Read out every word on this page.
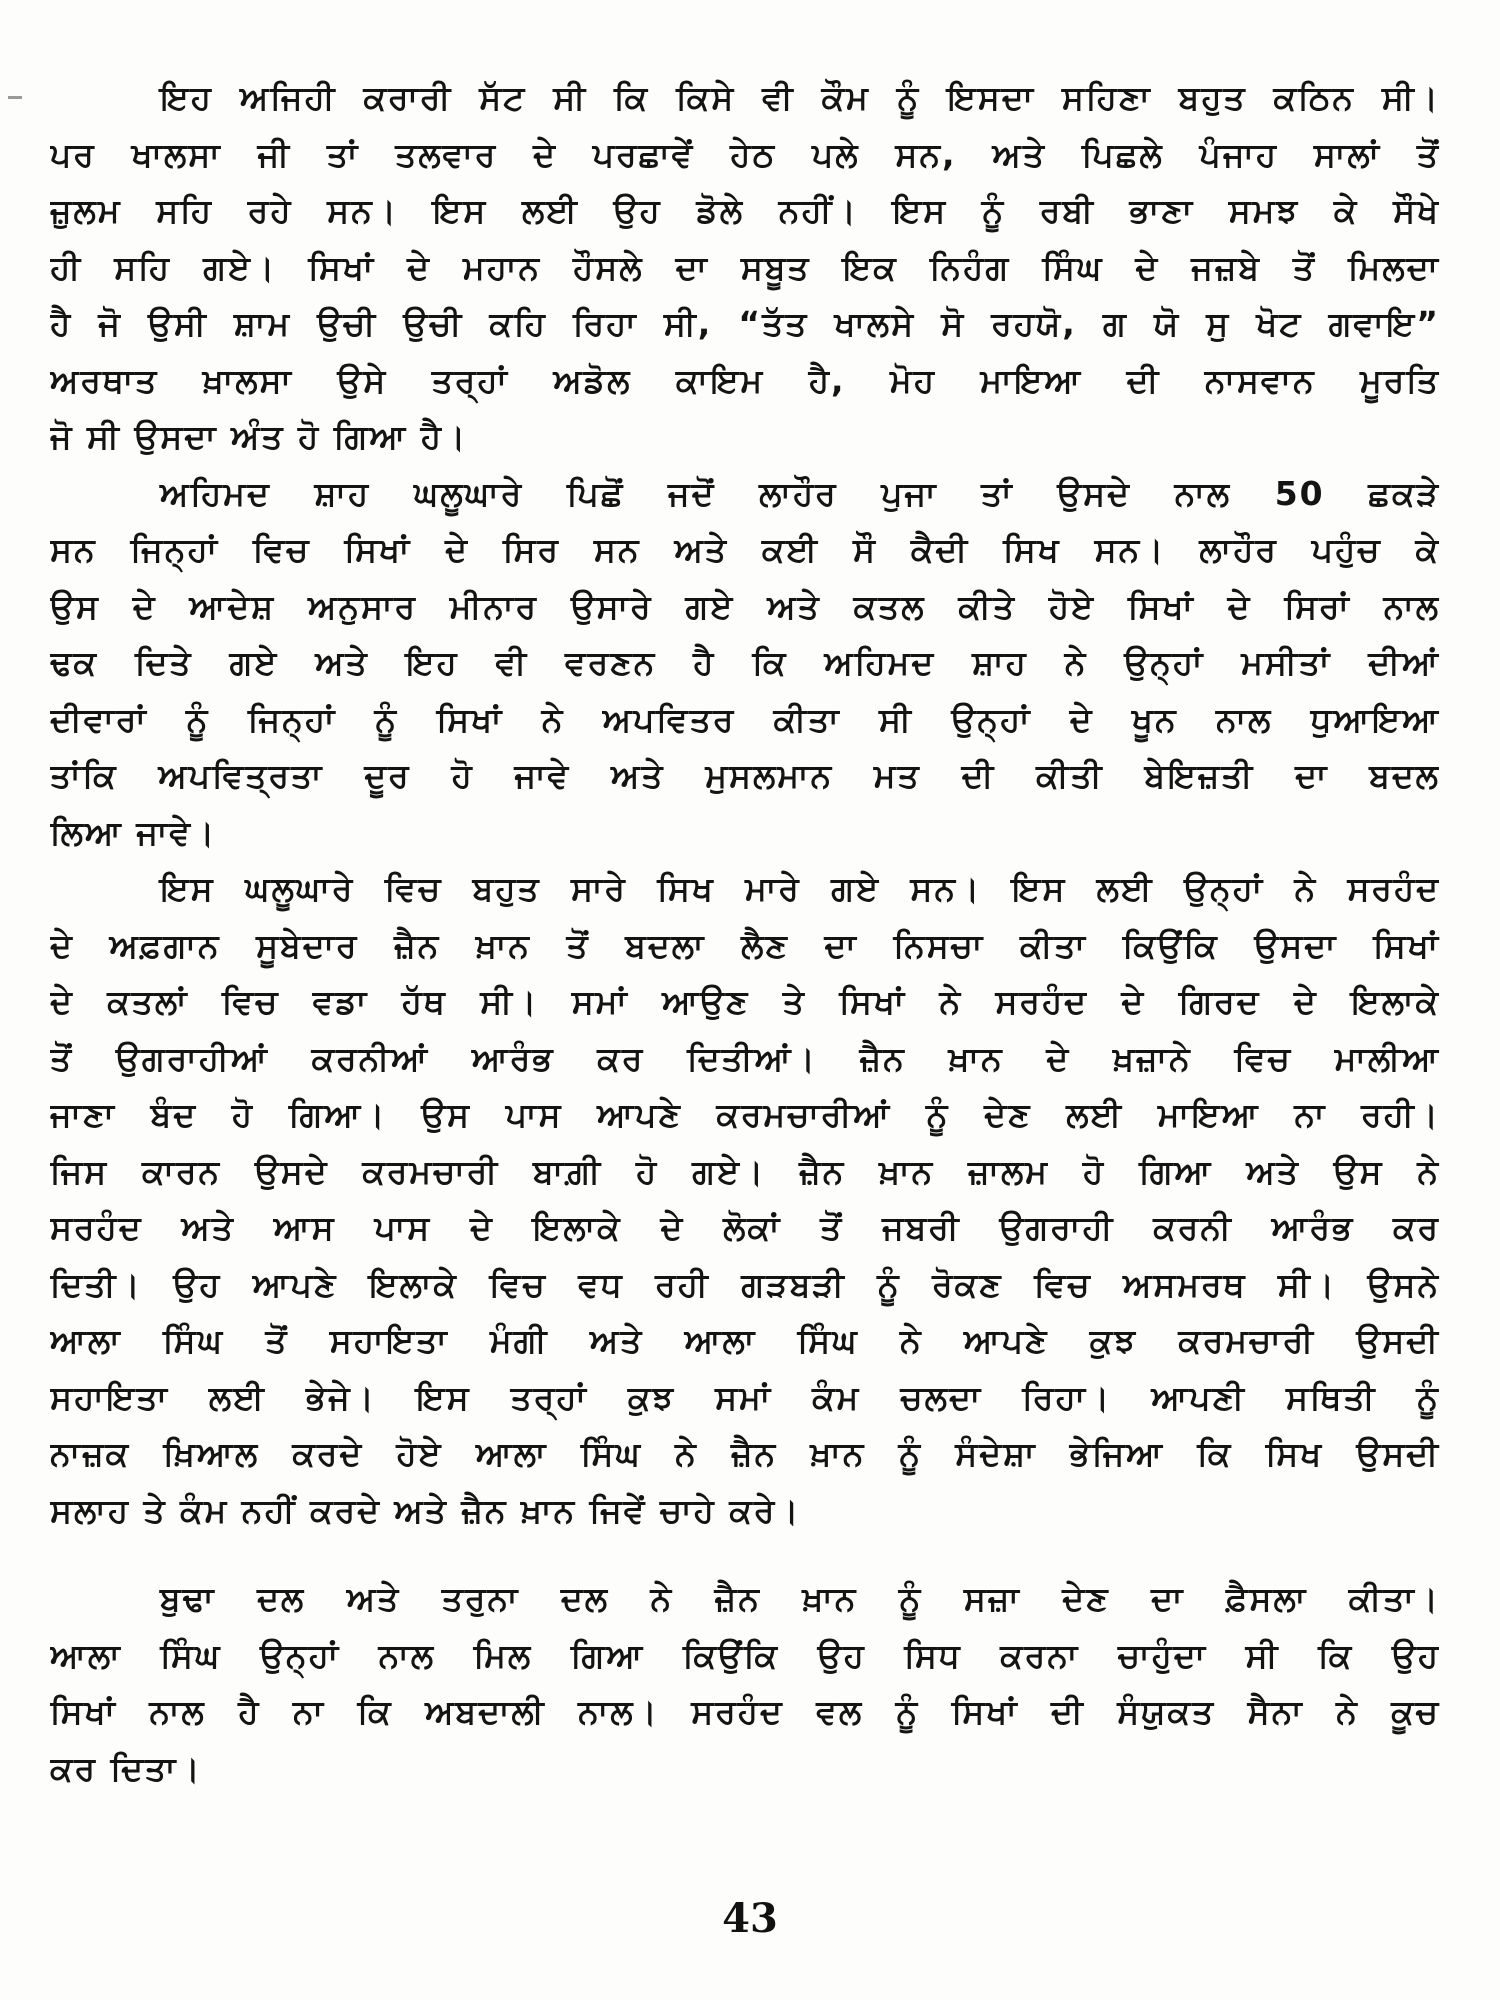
ਇਹ ਅਜਿਹੀ ਕਰਾਰੀ ਸੱਟ ਸੀ ਕਿ ਕਿਸੇ ਵੀ ਕੌਮ ਨੂੰ ਇਸਦਾ ਸਹਿਣਾ ਬਹੁਤ ਕਠਿਨ ਸੀ।
ਪਰ ਖਾਲਸਾ ਜੀ ਤਾਂ ਤਲਵਾਰ ਦੇ ਪਰਛਾਵੇਂ ਹੇਠ ਪਲੇ ਸਨ, ਅਤੇ ਪਿਛਲੇ ਪੰਜਾਹ ਸਾਲਾਂ ਤੋਂ
ਜ਼ੁਲਮ ਸਹਿ ਰਹੇ ਸਨ। ਇਸ ਲਈ ਉਹ ਡੋਲੇ ਨਹੀਂ। ਇਸ ਨੂੰ ਰਬੀ ਭਾਣਾ ਸਮਝ ਕੇ ਸੌਖੇ
ਹੀ ਸਹਿ ਗਏ। ਸਿਖਾਂ ਦੇ ਮਹਾਨ ਹੌਸਲੇ ਦਾ ਸਬੂਤ ਇਕ ਨਿਹੰਗ ਸਿੰਘ ਦੇ ਜਜ਼ਬੇ ਤੋਂ ਮਿਲਦਾ
ਹੈ ਜੋ ਉਸੀ ਸ਼ਾਮ ਉਚੀ ਉਚੀ ਕਹਿ ਰਿਹਾ ਸੀ, “ਤੱਤ ਖਾਲਸੇ ਸੋ ਰਹਯੋ, ਗ ਯੋ ਸੁ ਖੋਟ ਗਵਾਇ”
ਅਰਥਾਤ ਖ਼ਾਲਸਾ ਉਸੇ ਤਰ੍ਹਾਂ ਅਡੋਲ ਕਾਇਮ ਹੈ, ਮੋਹ ਮਾਇਆ ਦੀ ਨਾਸਵਾਨ ਮੂਰਤਿ
ਜੋ ਸੀ ਉਸਦਾ ਅੰਤ ਹੋ ਗਿਆ ਹੈ।
ਅਹਿਮਦ ਸ਼ਾਹ ਘਲੂਘਾਰੇ ਪਿਛੋਂ ਜਦੋਂ ਲਾਹੌਰ ਪੁਜਾ ਤਾਂ ਉਸਦੇ ਨਾਲ 50 ਛਕੜੇ
ਸਨ ਜਿਨ੍ਹਾਂ ਵਿਚ ਸਿਖਾਂ ਦੇ ਸਿਰ ਸਨ ਅਤੇ ਕਈ ਸੌ ਕੈਦੀ ਸਿਖ ਸਨ। ਲਾਹੌਰ ਪਹੁੰਚ ਕੇ
ਉਸ ਦੇ ਆਦੇਸ਼ ਅਨੁਸਾਰ ਮੀਨਾਰ ਉਸਾਰੇ ਗਏ ਅਤੇ ਕਤਲ ਕੀਤੇ ਹੋਏ ਸਿਖਾਂ ਦੇ ਸਿਰਾਂ ਨਾਲ
ਢਕ ਦਿਤੇ ਗਏ ਅਤੇ ਇਹ ਵੀ ਵਰਣਨ ਹੈ ਕਿ ਅਹਿਮਦ ਸ਼ਾਹ ਨੇ ਉਨ੍ਹਾਂ ਮਸੀਤਾਂ ਦੀਆਂ
ਦੀਵਾਰਾਂ ਨੂੰ ਜਿਨ੍ਹਾਂ ਨੂੰ ਸਿਖਾਂ ਨੇ ਅਪਵਿਤਰ ਕੀਤਾ ਸੀ ਉਨ੍ਹਾਂ ਦੇ ਖੂਨ ਨਾਲ ਧੁਆਇਆ
ਤਾਂਕਿ ਅਪਵਿਤ੍ਰਤਾ ਦੂਰ ਹੋ ਜਾਵੇ ਅਤੇ ਮੁਸਲਮਾਨ ਮਤ ਦੀ ਕੀਤੀ ਬੇਇਜ਼ਤੀ ਦਾ ਬਦਲ
ਲਿਆ ਜਾਵੇ।
ਇਸ ਘਲੂਘਾਰੇ ਵਿਚ ਬਹੁਤ ਸਾਰੇ ਸਿਖ ਮਾਰੇ ਗਏ ਸਨ। ਇਸ ਲਈ ਉਨ੍ਹਾਂ ਨੇ ਸਰਹੰਦ
ਦੇ ਅਫ਼ਗਾਨ ਸੂਬੇਦਾਰ ਜ਼ੈਨ ਖ਼ਾਨ ਤੋਂ ਬਦਲਾ ਲੈਣ ਦਾ ਨਿਸਚਾ ਕੀਤਾ ਕਿਉਂਕਿ ਉਸਦਾ ਸਿਖਾਂ
ਦੇ ਕਤਲਾਂ ਵਿਚ ਵਡਾ ਹੱਥ ਸੀ। ਸਮਾਂ ਆਉਣ ਤੇ ਸਿਖਾਂ ਨੇ ਸਰਹੰਦ ਦੇ ਗਿਰਦ ਦੇ ਇਲਾਕੇ
ਤੋਂ ਉਗਰਾਹੀਆਂ ਕਰਨੀਆਂ ਆਰੰਭ ਕਰ ਦਿਤੀਆਂ। ਜ਼ੈਨ ਖ਼ਾਨ ਦੇ ਖ਼ਜ਼ਾਨੇ ਵਿਚ ਮਾਲੀਆ
ਜਾਣਾ ਬੰਦ ਹੋ ਗਿਆ। ਉਸ ਪਾਸ ਆਪਣੇ ਕਰਮਚਾਰੀਆਂ ਨੂੰ ਦੇਣ ਲਈ ਮਾਇਆ ਨਾ ਰਹੀ।
ਜਿਸ ਕਾਰਨ ਉਸਦੇ ਕਰਮਚਾਰੀ ਬਾਗ਼ੀ ਹੋ ਗਏ। ਜ਼ੈਨ ਖ਼ਾਨ ਜ਼ਾਲਮ ਹੋ ਗਿਆ ਅਤੇ ਉਸ ਨੇ
ਸਰਹੰਦ ਅਤੇ ਆਸ ਪਾਸ ਦੇ ਇਲਾਕੇ ਦੇ ਲੋਕਾਂ ਤੋਂ ਜਬਰੀ ਉਗਰਾਹੀ ਕਰਨੀ ਆਰੰਭ ਕਰ
ਦਿਤੀ। ਉਹ ਆਪਣੇ ਇਲਾਕੇ ਵਿਚ ਵਧ ਰਹੀ ਗੜਬੜੀ ਨੂੰ ਰੋਕਣ ਵਿਚ ਅਸਮਰਥ ਸੀ। ਉਸਨੇ
ਆਲਾ ਸਿੰਘ ਤੋਂ ਸਹਾਇਤਾ ਮੰਗੀ ਅਤੇ ਆਲਾ ਸਿੰਘ ਨੇ ਆਪਣੇ ਕੁਝ ਕਰਮਚਾਰੀ ਉਸਦੀ
ਸਹਾਇਤਾ ਲਈ ਭੇਜੇ। ਇਸ ਤਰ੍ਹਾਂ ਕੁਝ ਸਮਾਂ ਕੰਮ ਚਲਦਾ ਰਿਹਾ। ਆਪਣੀ ਸਥਿਤੀ ਨੂੰ
ਨਾਜ਼ਕ ਖ਼ਿਆਲ ਕਰਦੇ ਹੋਏ ਆਲਾ ਸਿੰਘ ਨੇ ਜ਼ੈਨ ਖ਼ਾਨ ਨੂੰ ਸੰਦੇਸ਼ਾ ਭੇਜਿਆ ਕਿ ਸਿਖ ਉਸਦੀ
ਸਲਾਹ ਤੇ ਕੰਮ ਨਹੀਂ ਕਰਦੇ ਅਤੇ ਜ਼ੈਨ ਖ਼ਾਨ ਜਿਵੇਂ ਚਾਹੇ ਕਰੇ।
ਬੁਢਾ ਦਲ ਅਤੇ ਤਰੁਨਾ ਦਲ ਨੇ ਜ਼ੈਨ ਖ਼ਾਨ ਨੂੰ ਸਜ਼ਾ ਦੇਣ ਦਾ ਫ਼ੈਸਲਾ ਕੀਤਾ।
ਆਲਾ ਸਿੰਘ ਉਨ੍ਹਾਂ ਨਾਲ ਮਿਲ ਗਿਆ ਕਿਉਂਕਿ ਉਹ ਸਿਧ ਕਰਨਾ ਚਾਹੁੰਦਾ ਸੀ ਕਿ ਉਹ
ਸਿਖਾਂ ਨਾਲ ਹੈ ਨਾ ਕਿ ਅਬਦਾਲੀ ਨਾਲ। ਸਰਹੰਦ ਵਲ ਨੂੰ ਸਿਖਾਂ ਦੀ ਸੰਯੁਕਤ ਸੈਨਾ ਨੇ ਕੂਚ
ਕਰ ਦਿਤਾ।
43
